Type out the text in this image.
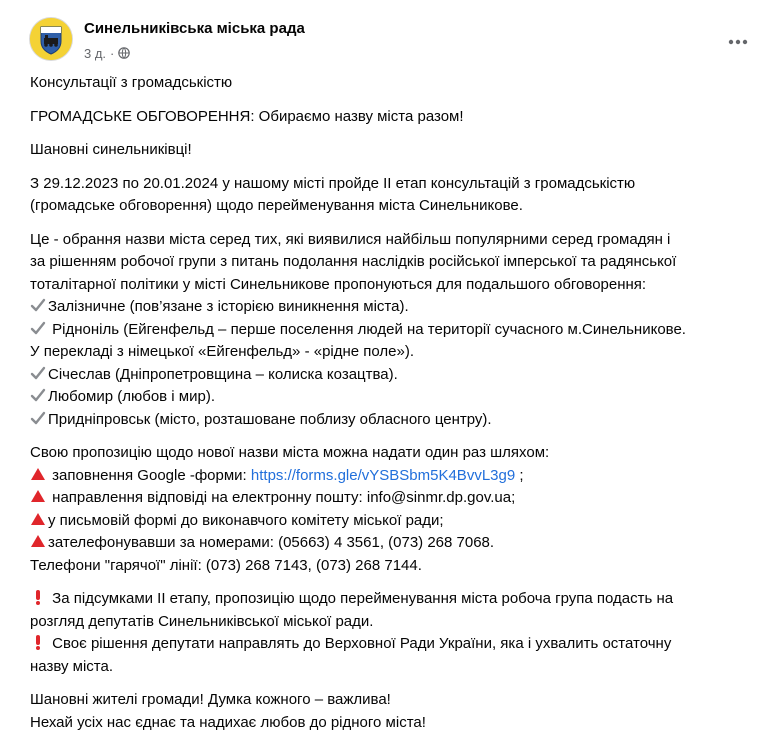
Синельниківська міська рада
3 д. ·
Консультації з громадськістю
ГРОМАДСЬКЕ ОБГОВОРЕННЯ: Обираємо назву міста разом!
Шановні синельниківці!
З 29.12.2023 по 20.01.2024 у нашому місті пройде ІІ етап консультацій з громадськістю
(громадське обговорення) щодо перейменування міста Синельникове.
Це - обрання назви міста серед тих, які виявилися найбільш популярними серед громадян і
за рішенням робочої групи з питань подолання наслідків російської імперської та радянської
тоталітарної політики у місті Синельникове пропонуються для подальшого обговорення:
Залізничне (пов’язане з історією виникнення міста).
Рідноніль (Ейгенфельд – перше поселення людей на території сучасного м.Синельникове.
У перекладі з німецької «Ейгенфельд» - «рідне поле»).
Січеслав (Дніпропетровщина – колиска козацтва).
Любомир (любов і мир).
Придніпровськ (місто, розташоване поблизу обласного центру).
Свою пропозицію щодо нової назви міста можна надати один раз шляхом:
заповнення Google -форми: https://forms.gle/vYSBSbm5K4BvvL3g9 ;
направлення відповіді на електронну пошту: info@sinmr.dp.gov.ua;
у письмовій формі до виконавчого комітету міської ради;
зателефонувавши за номерами: (05663) 4 3561, (073) 268 7068.
Телефони "гарячої" лінії: (073) 268 7143, (073) 268 7144.
За підсумками ІІ етапу, пропозицію щодо перейменування міста робоча група подасть на
розгляд депутатів Синельниківської міської ради.
Своє рішення депутати направлять до Верховної Ради України, яка і ухвалить остаточну
назву міста.
Шановні жителі громади! Думка кожного – важлива!
Нехай усіх нас єднає та надихає любов до рідного міста!
